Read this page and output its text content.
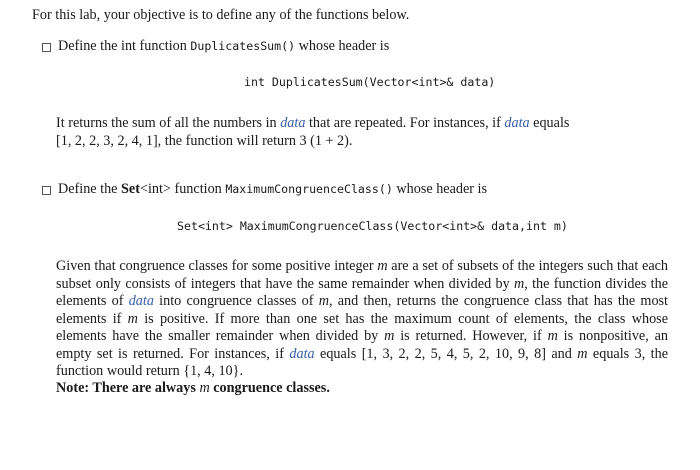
For this lab, your objective is to define any of the functions below.
Define the int function DuplicatesSum() whose header is
int DuplicatesSum(Vector<int>& data)
It returns the sum of all the numbers in data that are repeated. For instances, if data equals
[1, 2, 2, 3, 2, 4, 1], the function will return 3 (1 + 2).
Define the Set<int> function MaximumCongruenceClass() whose header is
Set<int> MaximumCongruenceClass(Vector<int>& data,int m)
Given that congruence classes for some positive integer m are a set of subsets of the integers such that each subset only consists of integers that have the same remainder when divided by m, the function divides the elements of data into congruence classes of m, and then, returns the congruence class that has the most elements if m is positive. If more than one set has the maximum count of elements, the class whose elements have the smaller remainder when divided by m is returned. However, if m is nonpositive, an empty set is returned. For instances, if data equals [1, 3, 2, 2, 5, 4, 5, 2, 10, 9, 8] and m equals 3, the function would return {1, 4, 10}.
Note: There are always m congruence classes.
